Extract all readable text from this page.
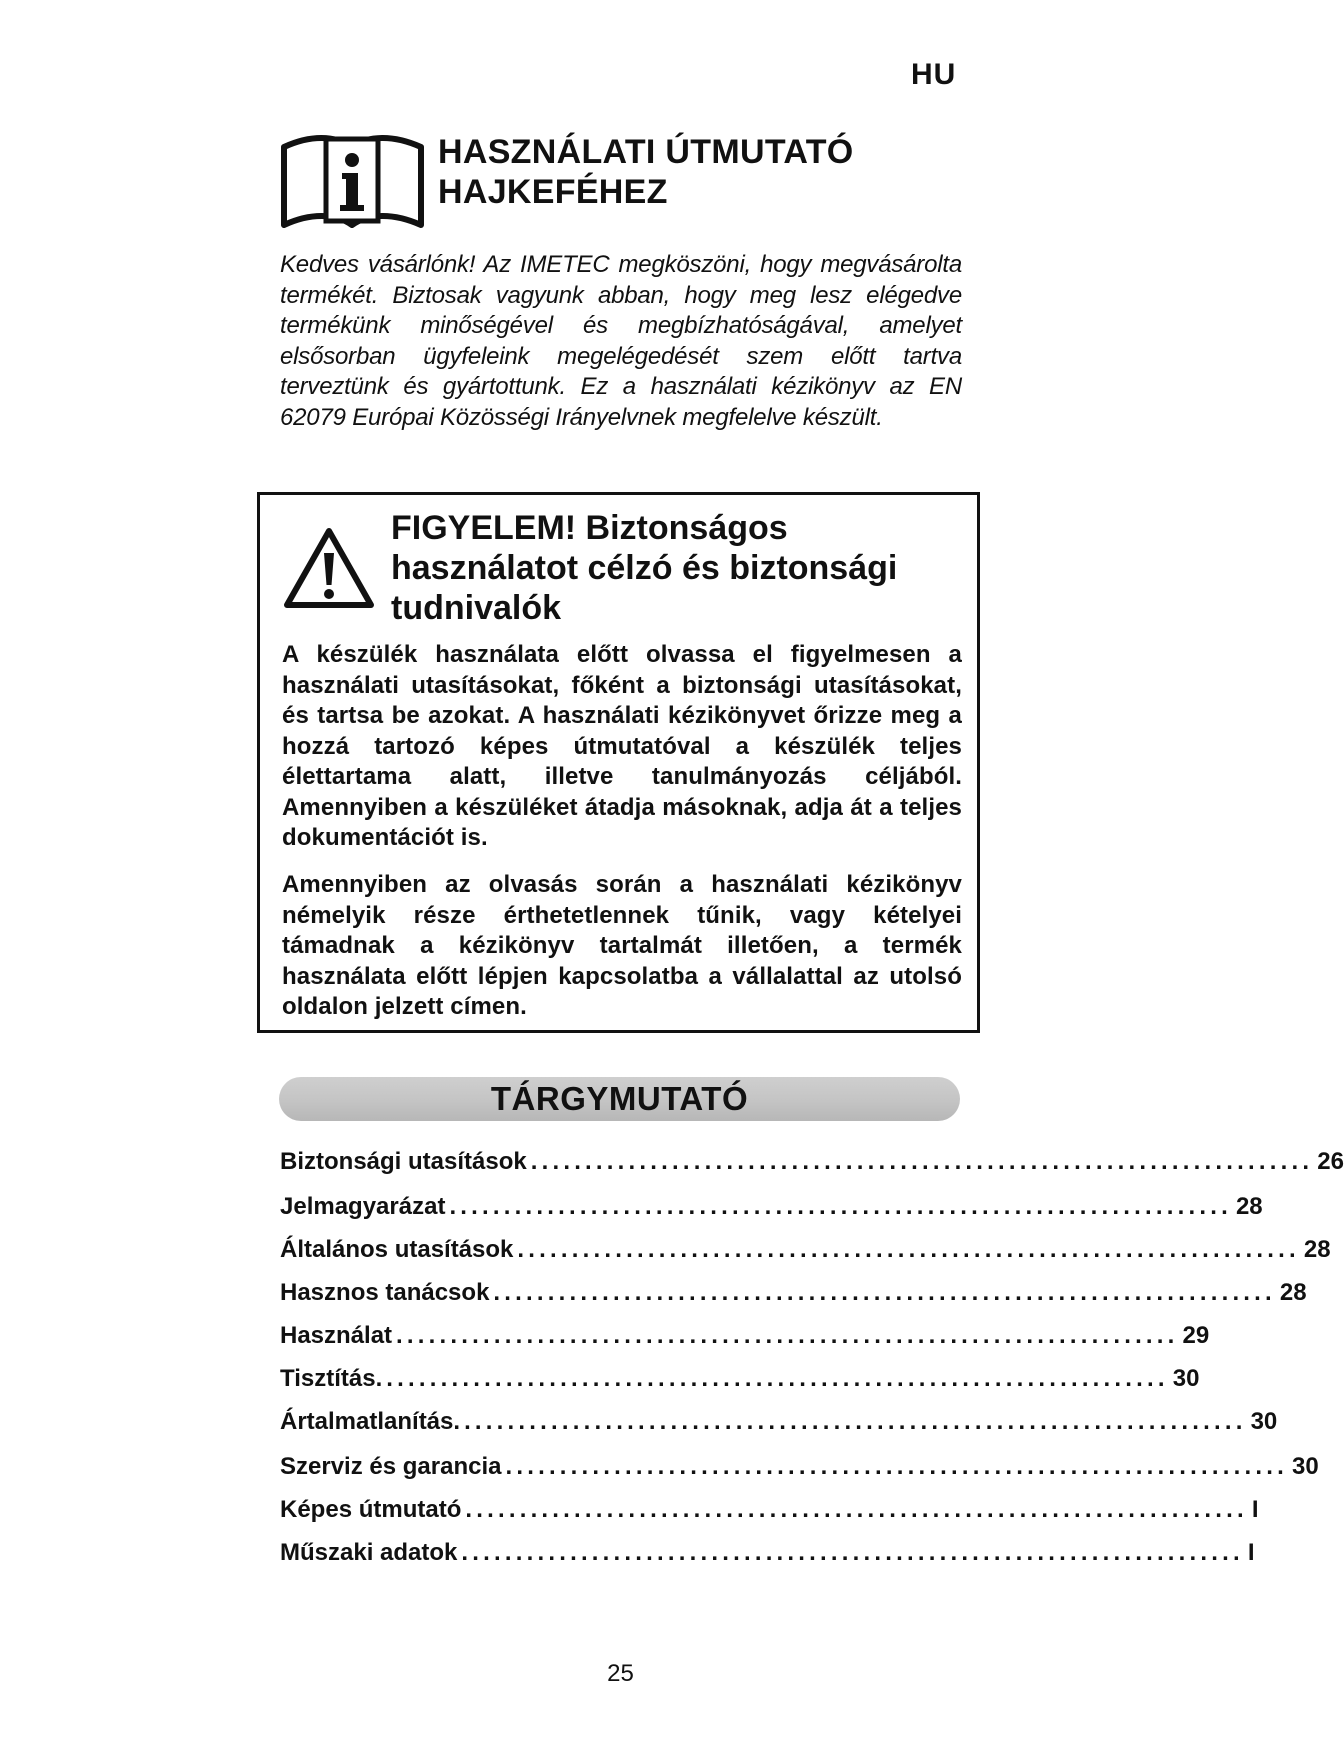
HU
HASZNÁLATI ÚTMUTATÓ
HAJKEFÉHEZ
Kedves vásárlónk! Az IMETEC megköszöni, hogy megvásárolta termékét. Biztosak vagyunk abban, hogy meg lesz elégedve termékünk minőségével és megbízhatóságával, amelyet elsősorban ügyfeleink megelégedését szem előtt tartva terveztünk és gyártottunk. Ez a használati kézikönyv az EN 62079 Európai Közösségi Irányelvnek megfelelve készült.
FIGYELEM! Biztonságos használatot célzó és biztonsági tudnivalók
A készülék használata előtt olvassa el figyelmesen a használati utasításokat, főként a biztonsági utasításokat, és tartsa be azokat. A használati kézikönyvet őrizze meg a hozzá tartozó képes útmutatóval a készülék teljes élettartama alatt, illetve tanulmányozás céljából. Amennyiben a készüléket átadja másoknak, adja át a teljes dokumentációt is.
Amennyiben az olvasás során a használati kézikönyv némelyik része érthetetlennek tűnik, vagy kételyei támadnak a kézikönyv tartalmát illetően, a termék használata előtt lépjen kapcsolatba a vállalattal az utolsó oldalon jelzett címen.
TÁRGYMUTATÓ
Biztonsági utasítások ........................................................................ 26
Jelmagyarázat ........................................................................ 28
Általános utasítások ........................................................................ 28
Hasznos tanácsok ........................................................................ 28
Használat ........................................................................ 29
Tisztítás. ........................................................................ 30
Ártalmatlanítás. ........................................................................ 30
Szerviz és garancia ........................................................................ 30
Képes útmutató ........................................................................ I
Műszaki adatok ........................................................................ I
25
